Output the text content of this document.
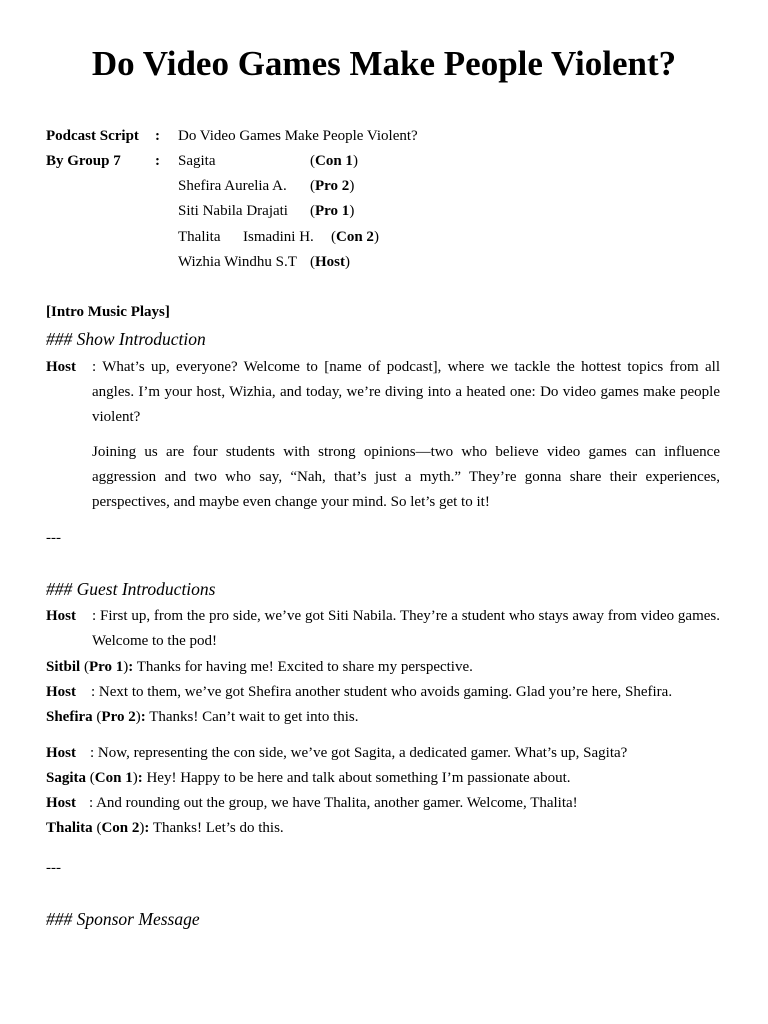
Do Video Games Make People Violent?
Podcast Script : Do Video Games Make People Violent?
By Group 7 : Sagita	(Con 1)
Shefira Aurelia A. (Pro 2)
Siti Nabila Drajati (Pro 1)
Thalita      Ismadini H. (Con 2)
Wizhia Windhu S.T (Host)
[Intro Music Plays]
### Show Introduction
Host : What’s up, everyone? Welcome to [name of podcast], where we tackle the hottest topics from all angles. I’m your host, Wizhia, and today, we’re diving into a heated one: Do video games make people violent?
Joining us are four students with strong opinions—two who believe video games can influence aggression and two who say, “Nah, that’s just a myth.” They’re gonna share their experiences, perspectives, and maybe even change your mind. So let’s get to it!
---
### Guest Introductions
Host : First up, from the pro side, we’ve got Siti Nabila. They’re a student who stays away from video games. Welcome to the pod!
Sitbil (Pro 1): Thanks for having me! Excited to share my perspective.
Host : Next to them, we’ve got Shefira another student who avoids gaming. Glad you’re here, Shefira.
Shefira (Pro 2): Thanks! Can’t wait to get into this.
Host : Now, representing the con side, we’ve got Sagita, a dedicated gamer. What’s up, Sagita?
Sagita (Con 1): Hey! Happy to be here and talk about something I’m passionate about.
Host : And rounding out the group, we have Thalita, another gamer. Welcome, Thalita!
Thalita (Con 2): Thanks! Let’s do this.
---
### Sponsor Message
